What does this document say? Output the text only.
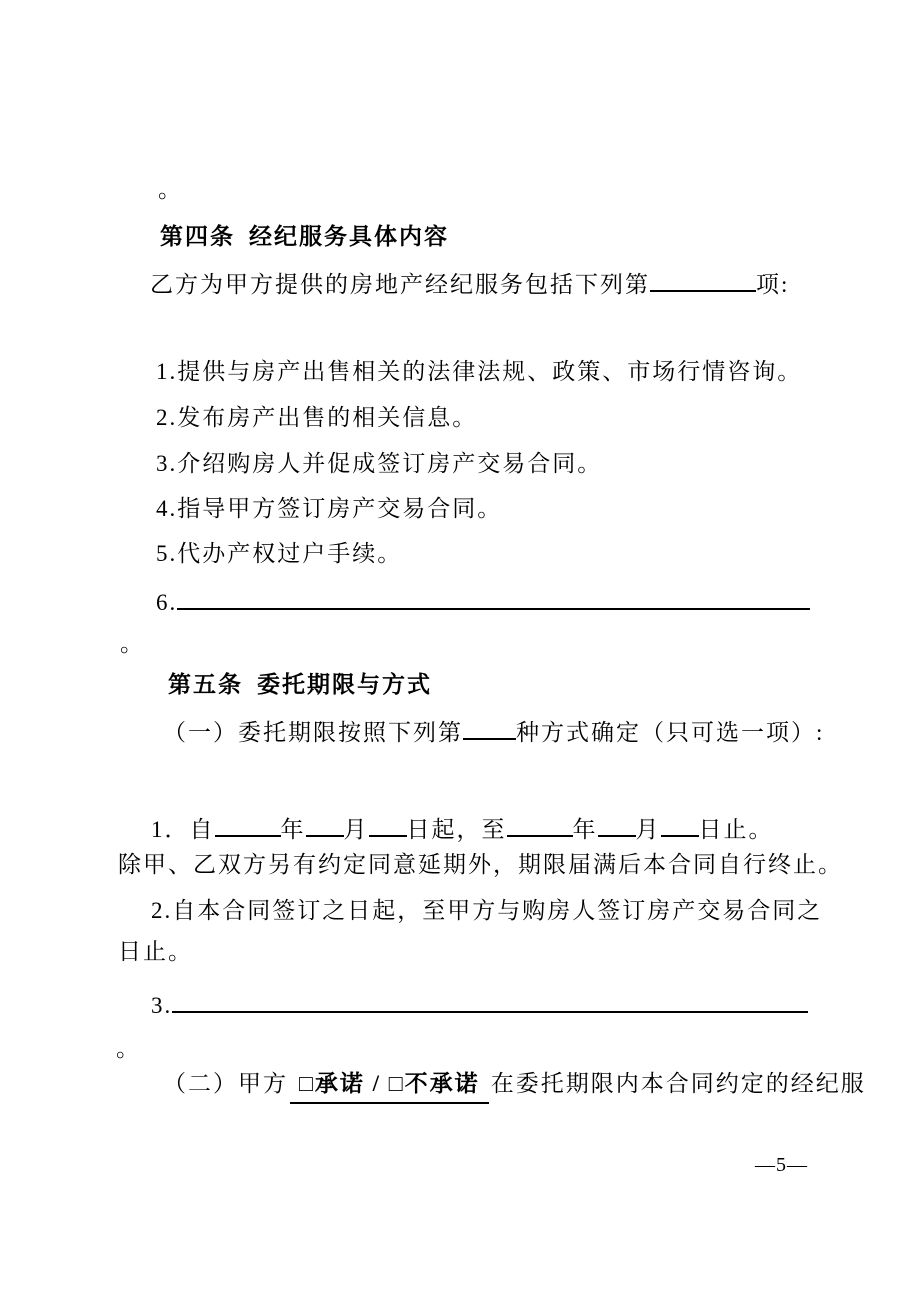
。
第四条 经纪服务具体内容
乙方为甲方提供的房地产经纪服务包括下列第	项:
1.提供与房产出售相关的法律法规、政策、市场行情咨询。
2.发布房产出售的相关信息。
3.介绍购房人并促成签订房产交易合同。
4.指导甲方签订房产交易合同。
5.代办产权过户手续。
6.
。
第五条 委托期限与方式
（一）委托期限按照下列第 种方式确定（只可选一项）:
1．自	年 月 日起，至	年 月 日止。
除甲、乙双方另有约定同意延期外，期限届满后本合同自行终止。
2.自本合同签订之日起，至甲方与购房人签订房产交易合同之
日止。
3.
。
（二）甲方 □承诺 / □不承诺 在委托期限内本合同约定的经纪服
—5—
